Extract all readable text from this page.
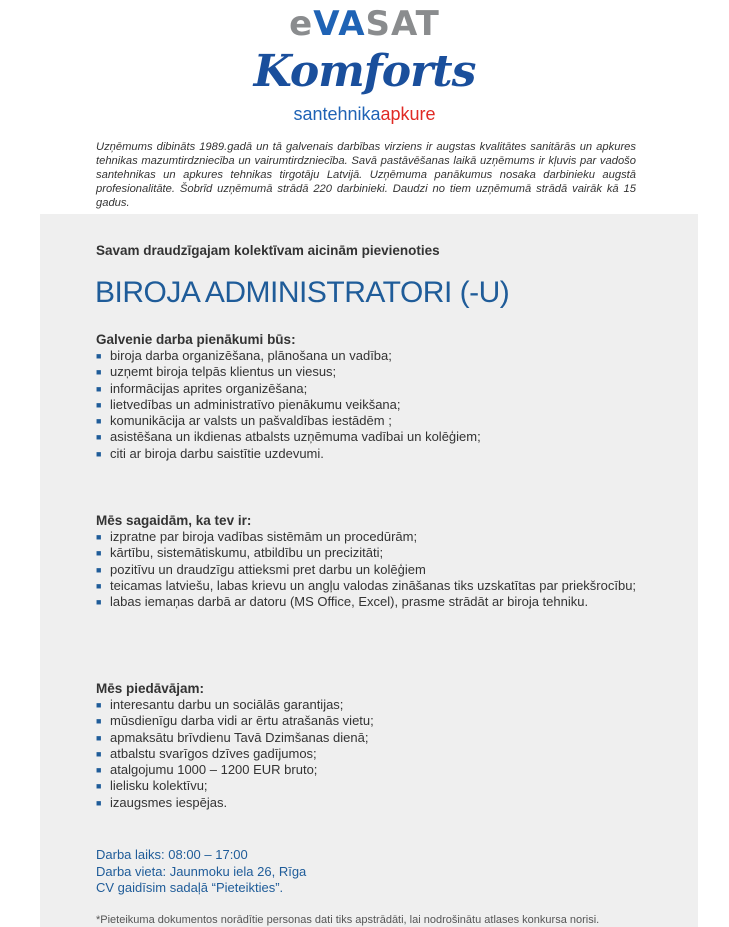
eVASAT
Komforts
santehnikaapkure
Uzņēmums dibināts 1989.gadā un tā galvenais darbības virziens ir augstas kvalitātes sanitārās un apkures tehnikas mazumtirdzniecība un vairumtirdzniecība. Savā pastāvēšanas laikā uzņēmums ir kļuvis par vadošo santehnikas un apkures tehnikas tirgotāju Latvijā. Uzņēmuma panākumus nosaka darbinieku augstā profesionalitāte. Šobrīd uzņēmumā strādā 220 darbinieki. Daudzi no tiem uzņēmumā strādā vairāk kā 15 gadus.
Savam draudzīgajam kolektīvam aicinām pievienoties
BIROJA ADMINISTRATORI (-U)
Galvenie darba pienākumi būs:
■ biroja darba organizēšana, plānošana un vadība;
■ uzņemt biroja telpās klientus un viesus;
■ informācijas aprites organizēšana;
■ lietvedības un administratīvo pienākumu veikšana;
■ komunikācija ar valsts un pašvaldības iestādēm ;
■ asistēšana un ikdienas atbalsts uzņēmuma vadībai un kolēģiem;
■ citi ar biroja darbu saistītie uzdevumi.
Mēs sagaidām, ka tev ir:
■ izpratne par biroja vadības sistēmām un procedūrām;
■ kārtību, sistemātiskumu, atbildību un precizitāti;
■ pozitīvu un draudzīgu attieksmi pret darbu un kolēģiem
■ teicamas latviešu, labas krievu un angļu valodas zināšanas tiks uzskatītas par priekšrocību;
■ labas iemaņas darbā ar datoru (MS Office, Excel), prasme strādāt ar biroja tehniku.
Mēs piedāvājam:
■ interesantu darbu un sociālās garantijas;
■ mūsdienīgu darba vidi ar ērtu atrašanās vietu;
■ apmaksātu brīvdienu Tavā Dzimšanas dienā;
■ atbalstu svarīgos dzīves gadījumos;
■ atalgojumu 1000 – 1200 EUR bruto;
■ lielisku kolektīvu;
■ izaugsmes iespējas.
Darba laiks: 08:00 – 17:00
Darba vieta: Jaunmoku iela 26, Rīga
CV gaidīsim sadaļā “Pieteikties”.
*Pieteikuma dokumentos norādītie personas dati tiks apstrādāti, lai nodrošinātu atlases konkursa norisi.
